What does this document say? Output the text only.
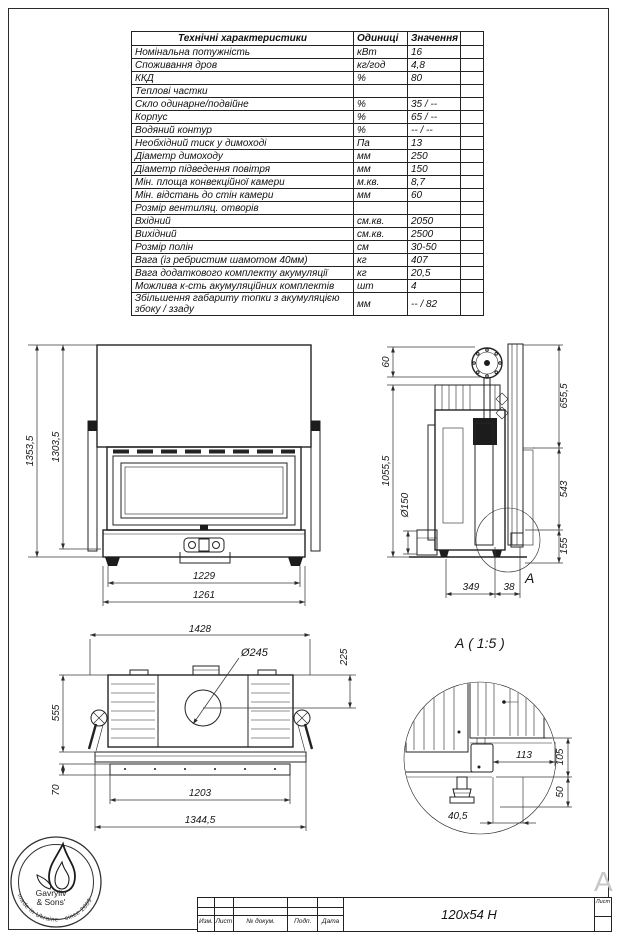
Технічні характеристики	Одиниці	Значення	
Номінальна потужність	кВт	16	
Споживання дров	кг/год	4,8	
ККД	%	80	
Теплові частки			
Скло одинарне/подвійне	%	35 / --	
Корпус	%	65 / --	
Водяний контур	%	-- / --	
Необхідний тиск у димоході	Па	13	
Діаметр димоходу	мм	250	
Діаметр підведення повітря	мм	150	
Мін. площа конвекційної камери	м.кв.	8,7	
Мін. відстань до стін камери	мм	60	
Розмір вентиляц. отворів			
Вхідний	см.кв.	2050	
Вихідний	см.кв.	2500	
Розмір полін	см	30-50	
Вага (із ребристим шамотом 40мм)	кг	407	
Вага додаткового комплекту акумуляції	кг	20,5	
Можлива к-сть акумуляційних комплектів	шт	4	
Збільшення габариту топки з акумуляцією збоку / ззаду	мм	-- / 82	
1353,5 1303,5
1229
1261
60
1055,5
Ø150
655,5
543
155
349 38
А
1428
Ø245	225
555
70	1203
1344,5
А ( 1:5 )
113 105
50
40,5
Gavryliv
& Sons'
made in Ukraine · since 2009
А
Изм. Лист	№ докум.	Подп.	Дата	120x54 H
Лист
